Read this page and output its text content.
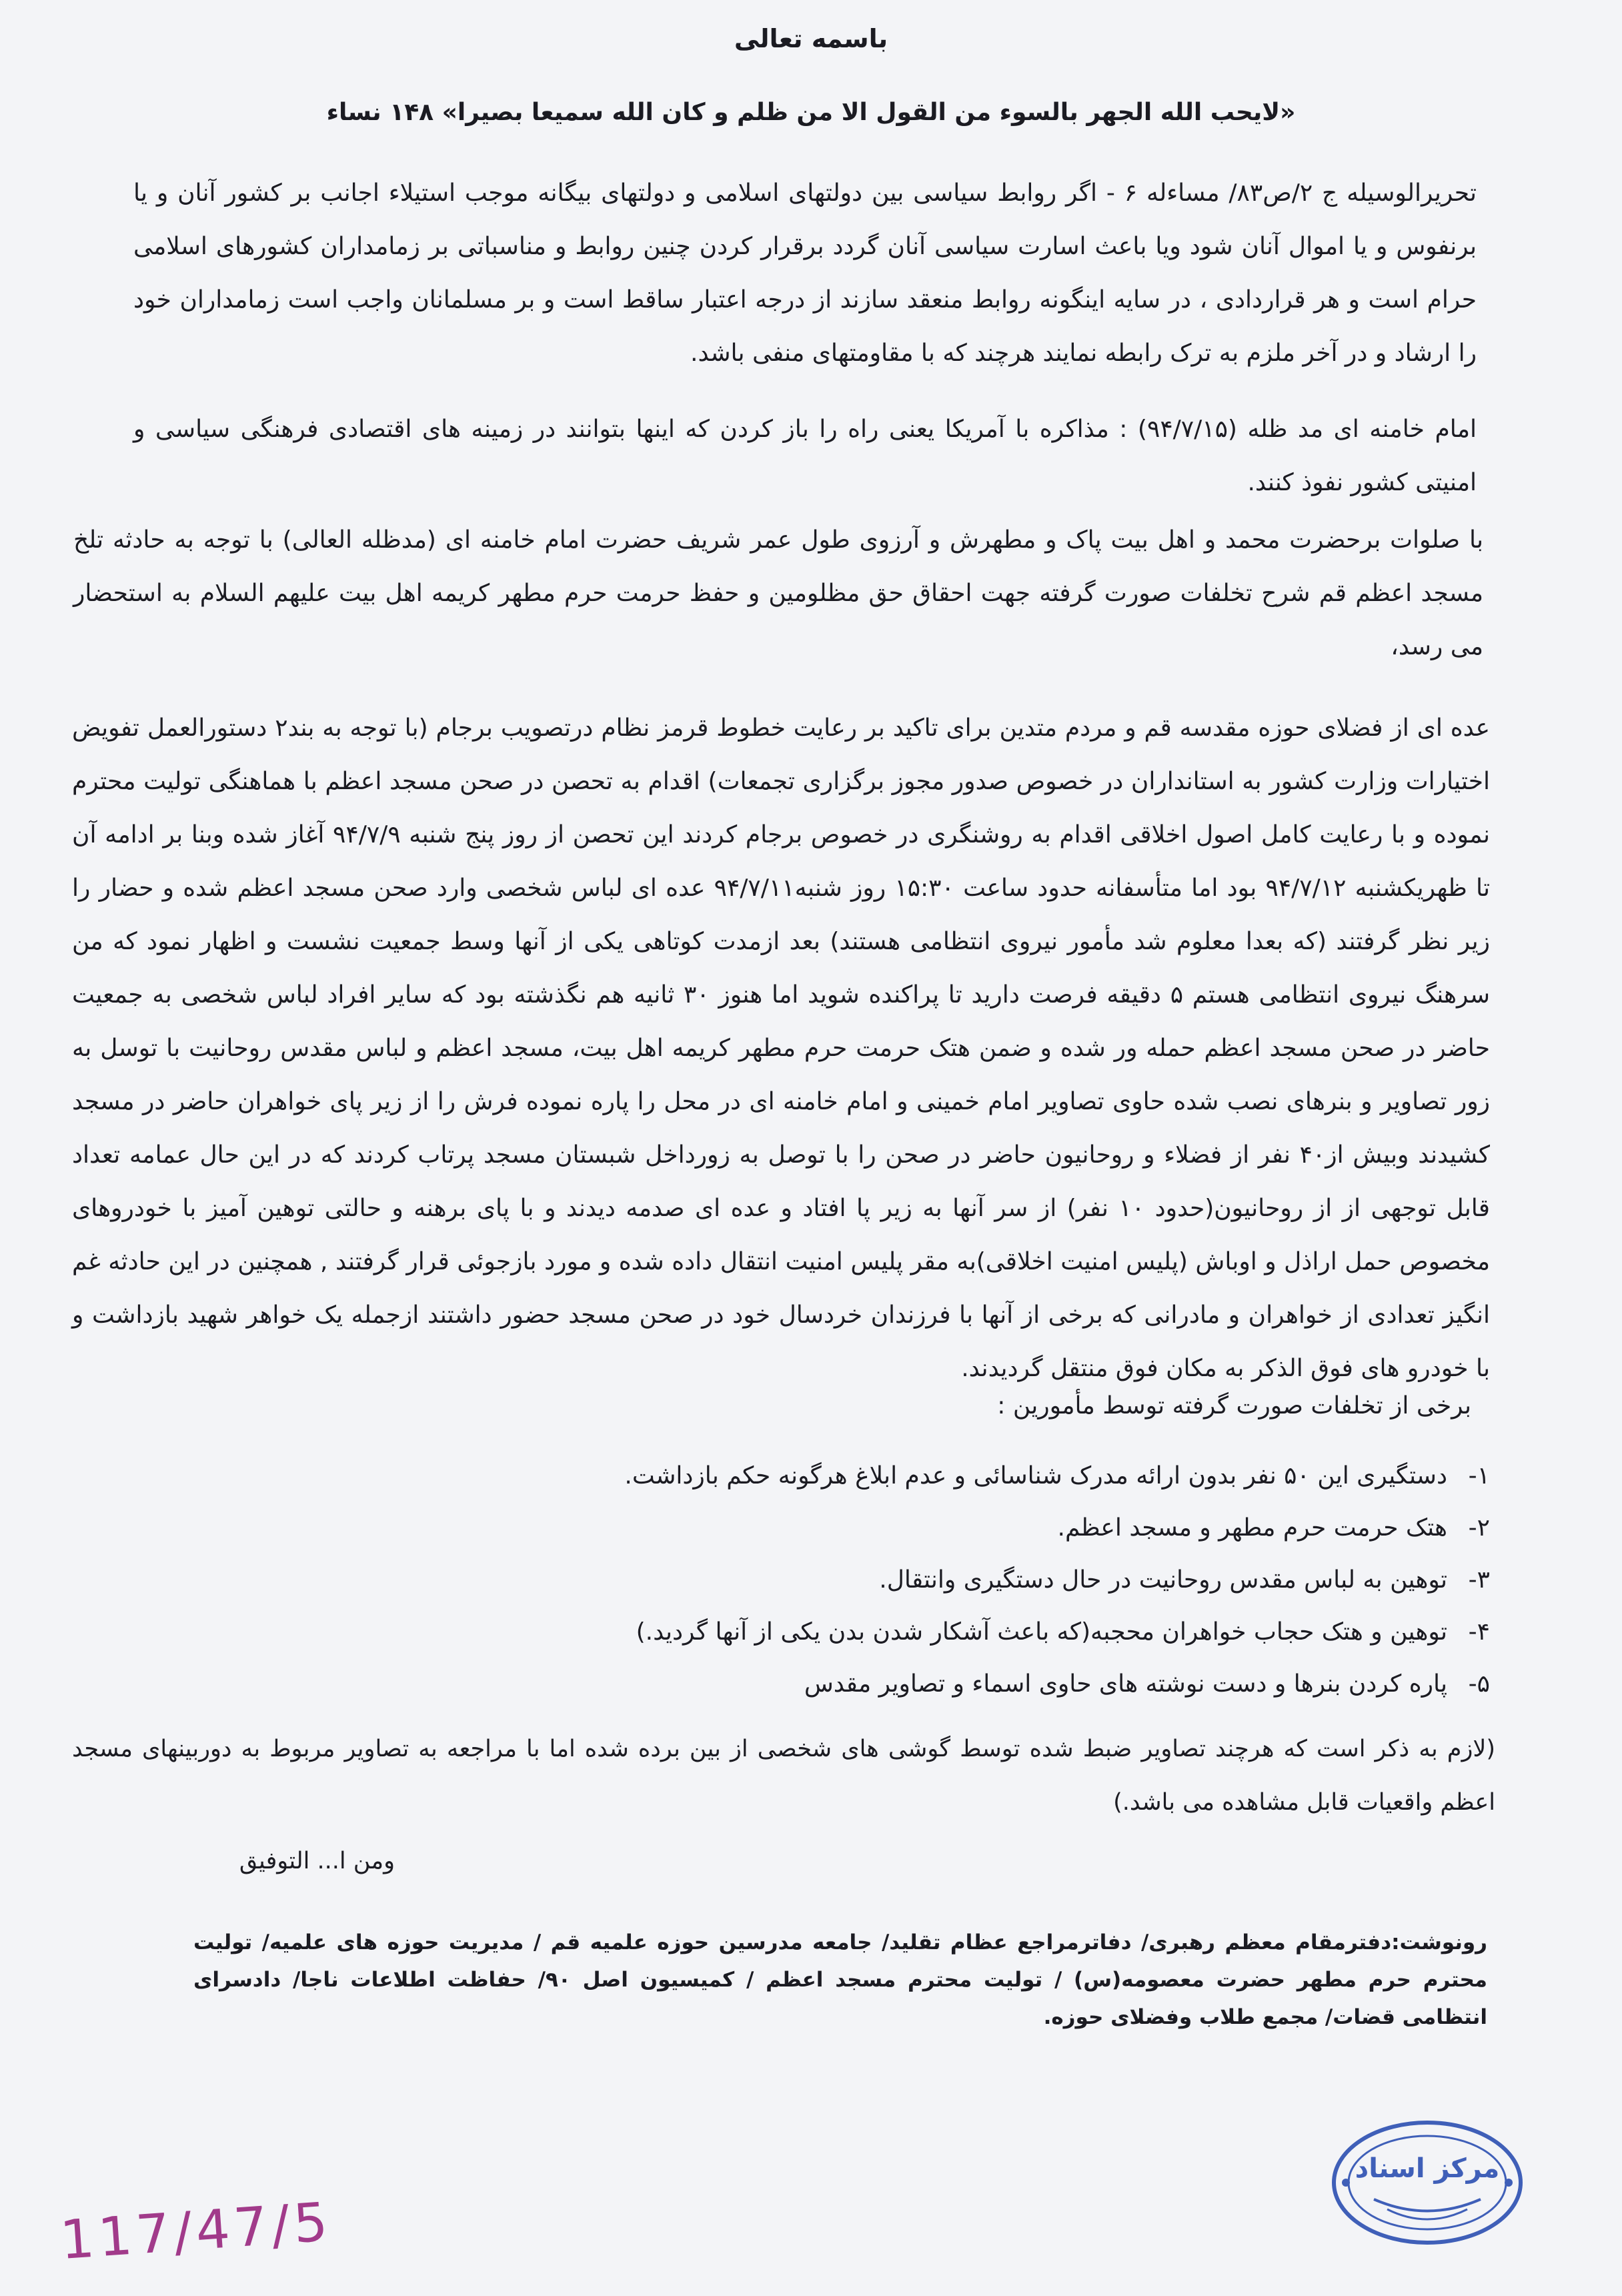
باسمه تعالی
«لایحب الله الجهر بالسوء من القول الا من ظلم و کان الله سمیعا بصیرا» ۱۴۸ نساء
تحریرالوسیله ج ۲/ص۸۳/ مساءله ۶ - اگر روابط سیاسی بین دولتهای اسلامی و دولتهای بیگانه موجب استیلاء اجانب بر کشور آنان و یا برنفوس و یا اموال آنان شود ویا باعث اسارت سیاسی آنان گردد برقرار کردن چنین روابط و مناسباتی بر زمامداران کشورهای اسلامی حرام است و هر قراردادی ، در سایه اینگونه روابط منعقد سازند از درجه اعتبار ساقط است و بر مسلمانان واجب است زمامداران خود را ارشاد و در آخر ملزم به ترک رابطه نمایند هرچند که با مقاومتهای منفی باشد.
امام خامنه ای مد ظله (۹۴/۷/۱۵) : مذاکره با آمریکا یعنی راه را باز کردن که اینها بتوانند در زمینه های اقتصادی فرهنگی سیاسی و امنیتی کشور نفوذ کنند.
با صلوات برحضرت محمد و اهل بیت پاک و مطهرش و آرزوی طول عمر شریف حضرت امام خامنه ای (مدظله العالی) با توجه به حادثه تلخ مسجد اعظم قم شرح تخلفات صورت گرفته جهت احقاق حق مظلومین و حفظ حرمت حرم مطهر کریمه اهل بیت علیهم السلام به استحضار می رسد،
عده ای از فضلای حوزه مقدسه قم و مردم متدین برای تاکید بر رعایت خطوط قرمز نظام درتصویب برجام (با توجه به بند۲ دستورالعمل تفویض اختیارات وزارت کشور به استانداران در خصوص صدور مجوز برگزاری تجمعات) اقدام به تحصن در صحن مسجد اعظم با هماهنگی تولیت محترم نموده و با رعایت کامل اصول اخلاقی اقدام به روشنگری در خصوص برجام کردند این تحصن از روز پنج شنبه ۹۴/۷/۹ آغاز شده وبنا بر ادامه آن تا ظهریکشنبه ۹۴/۷/۱۲ بود اما متأسفانه حدود ساعت ۱۵:۳۰ روز شنبه۹۴/۷/۱۱ عده ای لباس شخصی وارد صحن مسجد اعظم شده و حضار را زیر نظر گرفتند (که بعدا معلوم شد مأمور نیروی انتظامی هستند) بعد ازمدت کوتاهی یکی از آنها وسط جمعیت نشست و اظهار نمود که من سرهنگ نیروی انتظامی هستم ۵ دقیقه فرصت دارید تا پراکنده شوید اما هنوز ۳۰ ثانیه هم نگذشته بود که سایر افراد لباس شخصی به جمعیت حاضر در صحن مسجد اعظم حمله ور شده و ضمن هتک حرمت حرم مطهر کریمه اهل بیت، مسجد اعظم و لباس مقدس روحانیت با توسل به زور تصاویر و بنرهای نصب شده حاوی تصاویر امام خمینی و امام خامنه ای در محل را پاره نموده فرش را از زیر پای خواهران حاضر در مسجد کشیدند وبیش از۴۰ نفر از فضلاء و روحانیون حاضر در صحن را با توصل به زورداخل شبستان مسجد پرتاب کردند که در این حال عمامه تعداد قابل توجهی از از روحانیون(حدود ۱۰ نفر) از سر آنها به زیر پا افتاد و عده ای صدمه دیدند و با پای برهنه و حالتی توهین آمیز با خودروهای مخصوص حمل اراذل و اوباش (پلیس امنیت اخلاقی)به مقر پلیس امنیت انتقال داده شده و مورد بازجوئی قرار گرفتند , همچنین در این حادثه غم انگیز تعدادی از خواهران و مادرانی که برخی از آنها با فرزندان خردسال خود در صحن مسجد حضور داشتند ازجمله یک خواهر شهید بازداشت و با خودرو های فوق الذکر به مکان فوق منتقل گردیدند.
برخی از تخلفات صورت گرفته توسط مأمورین :
۱-
دستگیری این ۵۰ نفر بدون ارائه مدرک شناسائی و عدم ابلاغ هرگونه حکم بازداشت.
۲-
هتک حرمت حرم مطهر و مسجد اعظم.
۳-
توهین به لباس مقدس روحانیت در حال دستگیری وانتقال.
۴-
توهین و هتک حجاب خواهران محجبه(که باعث آشکار شدن بدن یکی از آنها گردید.)
۵-
پاره کردن بنرها و دست نوشته های حاوی اسماء و تصاویر مقدس
(لازم به ذکر است که هرچند تصاویر ضبط شده توسط گوشی های شخصی از بین برده شده اما با مراجعه به تصاویر مربوط به دوربینهای مسجد اعظم واقعیات قابل مشاهده می باشد.)
ومن ا... التوفیق
رونوشت:دفترمقام معظم رهبری/ دفاترمراجع عظام تقلید/ جامعه مدرسین حوزه علمیه قم / مدیریت حوزه های علمیه/ تولیت محترم حرم مطهر حضرت معصومه(س) / تولیت محترم مسجد اعظم / کمیسیون اصل ۹۰/ حفاظت اطلاعات ناجا/ دادسرای انتظامی قضات/ مجمع طلاب وفضلای حوزه.
مرکز اسناد
117/47/5
